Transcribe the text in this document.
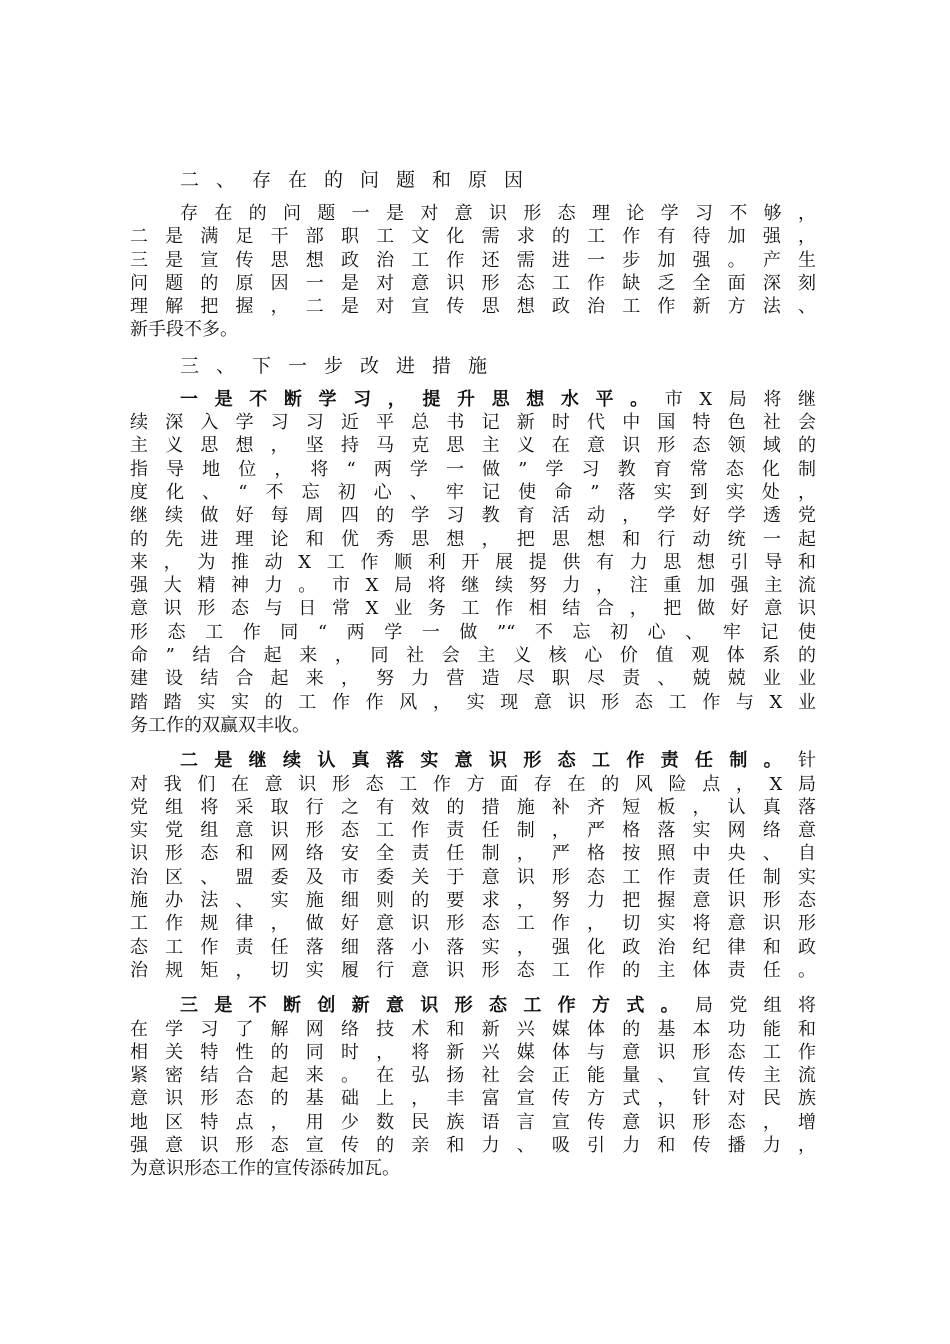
二、存在的问题和原因
存在的问题一是对意识形态理论学习不够，
二是满足干部职工文化需求的工作有待加强，
三是宣传思想政治工作还需进一步加强。产生
问题的原因一是对意识形态工作缺乏全面深刻
理解把握，二是对宣传思想政治工作新方法、
新手段不多。
三、下一步改进措施
一是不断学习，提升思想水平。市X局将继
续深入学习习近平总书记新时代中国特色社会
主义思想，坚持马克思主义在意识形态领域的
指导地位，将“两学一做”学习教育常态化制
度化、“不忘初心、牢记使命”落实到实处，
继续做好每周四的学习教育活动，学好学透党
的先进理论和优秀思想，把思想和行动统一起
来，为推动X工作顺利开展提供有力思想引导和
强大精神力。市X局将继续努力，注重加强主流
意识形态与日常X业务工作相结合，把做好意识
形态工作同“两学一做”“不忘初心、牢记使
命”结合起来，同社会主义核心价值观体系的
建设结合起来，努力营造尽职尽责、兢兢业业
踏踏实实的工作作风，实现意识形态工作与X业
务工作的双赢双丰收。
二是继续认真落实意识形态工作责任制。针
对我们在意识形态工作方面存在的风险点，X局
党组将采取行之有效的措施补齐短板，认真落
实党组意识形态工作责任制，严格落实网络意
识形态和网络安全责任制，严格按照中央、自
治区、盟委及市委关于意识形态工作责任制实
施办法、实施细则的要求，努力把握意识形态
工作规律，做好意识形态工作，切实将意识形
态工作责任落细落小落实，强化政治纪律和政
治规矩，切实履行意识形态工作的主体责任。
三是不断创新意识形态工作方式。局党组将
在学习了解网络技术和新兴媒体的基本功能和
相关特性的同时，将新兴媒体与意识形态工作
紧密结合起来。在弘扬社会正能量、宣传主流
意识形态的基础上，丰富宣传方式，针对民族
地区特点，用少数民族语言宣传意识形态，增
强意识形态宣传的亲和力、吸引力和传播力，
为意识形态工作的宣传添砖加瓦。
